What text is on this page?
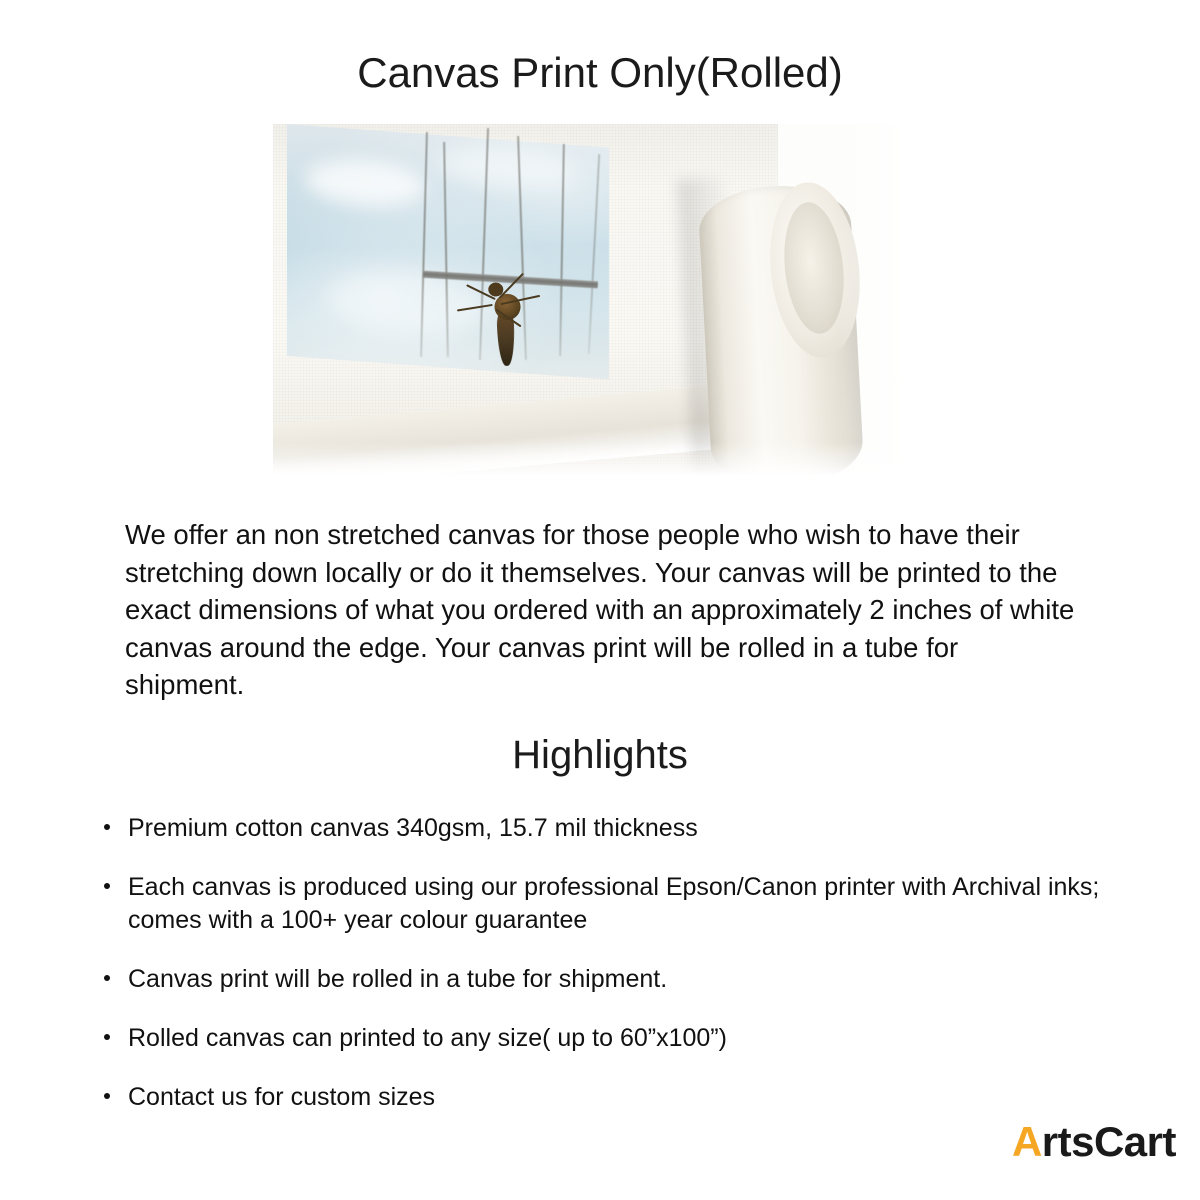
Canvas Print Only(Rolled)

We offer an non stretched canvas for those people who wish to have their stretching down locally or do it themselves. Your canvas will be printed to the exact dimensions of what you ordered with an approximately 2 inches of white canvas around the edge. Your canvas print will be rolled in a tube for shipment.

Highlights
Premium cotton canvas 340gsm, 15.7 mil thickness
Each canvas is produced using our professional Epson/Canon printer with Archival inks; comes with a 100+ year colour guarantee
Canvas print will be rolled in a tube for shipment.
Rolled canvas can printed to any size( up to 60”x100”)
Contact us for custom sizes
A rtsCart
